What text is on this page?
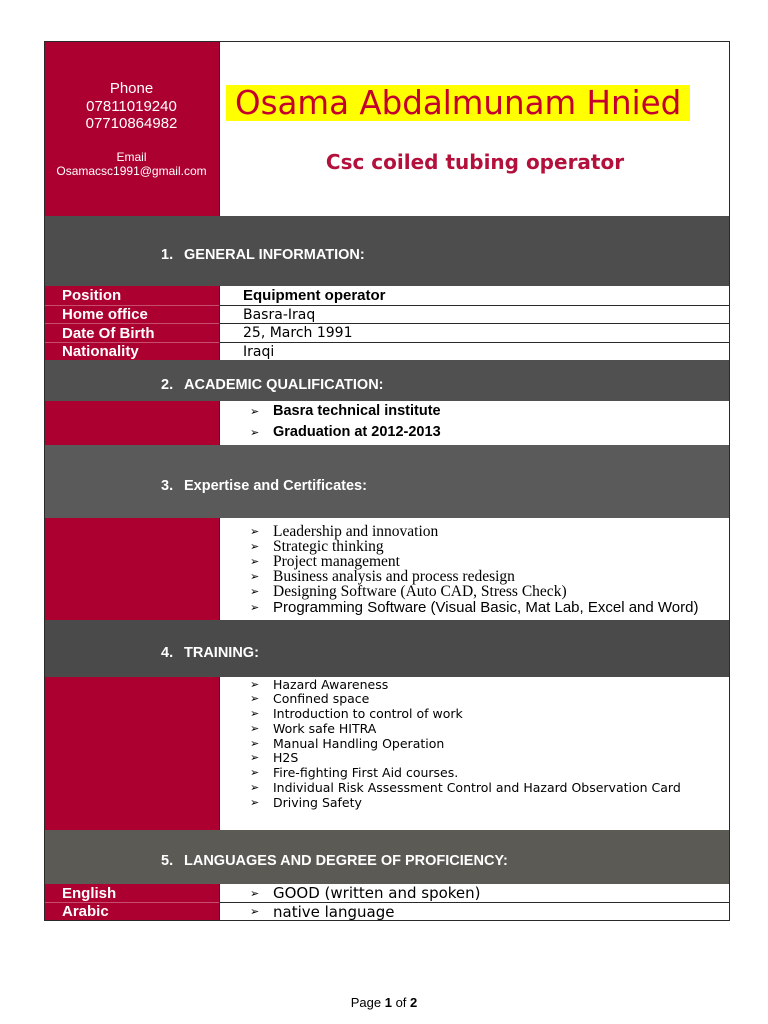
Phone
07811019240
07710864982
Email
Osamacsc1991@gmail.com
Osama Abdalmunam Hnied
Csc coiled tubing operator
1. GENERAL INFORMATION:
Position	Equipment operator
Home office	Basra-Iraq
Date Of Birth	25, March 1991
Nationality	Iraqi
2. ACADEMIC QUALIFICATION:
➢ Basra technical institute
➢ Graduation at 2012-2013
3. Expertise and Certificates:
➢ Leadership and innovation
➢ Strategic thinking
➢ Project management
➢ Business analysis and process redesign
➢ Designing Software (Auto CAD, Stress Check)
➢ Programming Software (Visual Basic, Mat Lab, Excel and Word)
4. TRAINING:
➢	Hazard Awareness
➢	Confined space
➢	Introduction to control of work
➢	Work safe HITRA
➢	Manual Handling Operation
➢	H2S
➢	Fire-fighting First Aid courses.
➢	Individual Risk Assessment Control and Hazard Observation Card
➢	Driving Safety
5. LANGUAGES AND DEGREE OF PROFICIENCY:
English	➢ GOOD (written and spoken)
Arabic	➢ native language
Page 1 of 2
